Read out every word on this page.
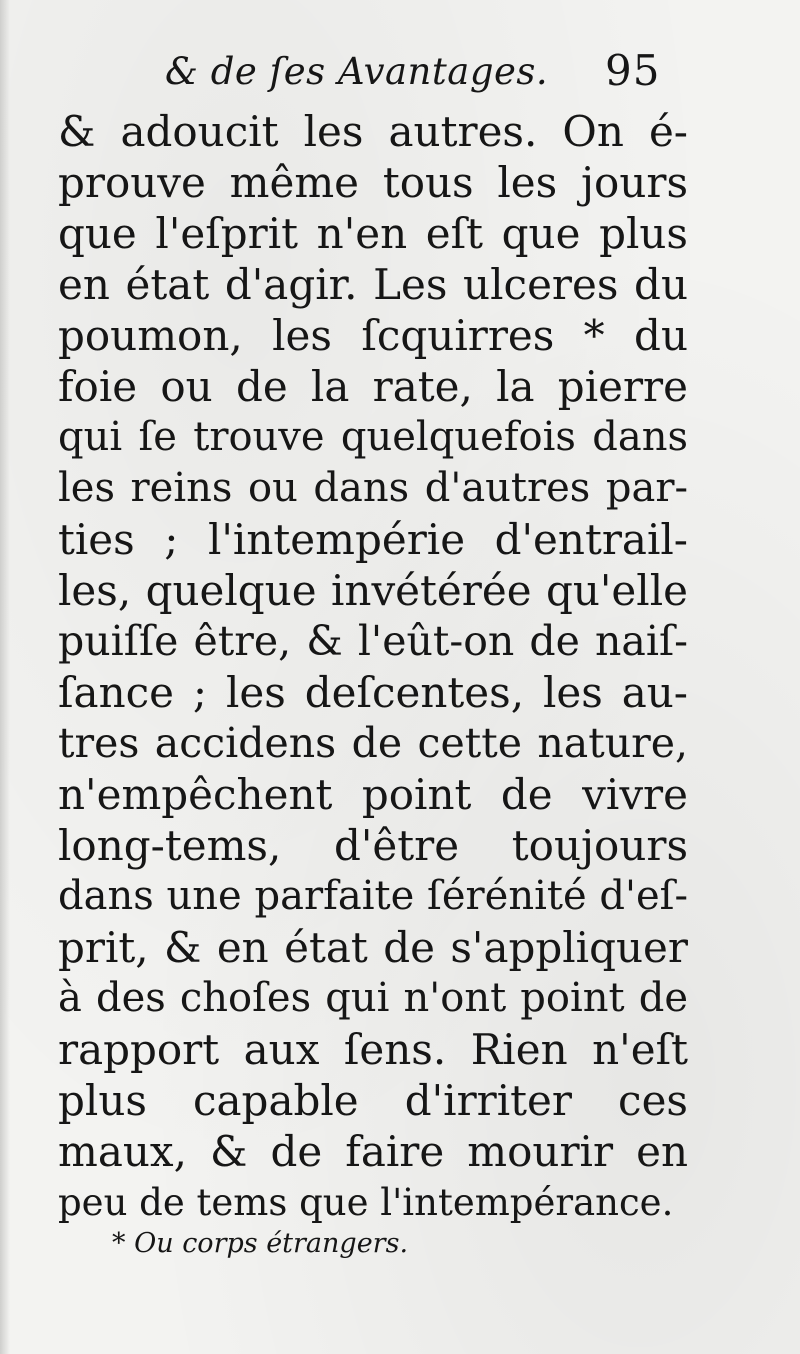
& de ſes Avantages. 95
& adoucit les autres. On é-
prouve même tous les jours
que l'eſprit n'en eſt que plus
en état d'agir. Les ulceres du
poumon, les ſcquirres * du
foie ou de la rate, la pierre
qui ſe trouve quelquefois dans
les reins ou dans d'autres par-
ties ; l'intempérie d'entrail-
les, quelque invétérée qu'elle
puiſſe être, & l'eût-on de naiſ-
ſance ; les deſcentes, les au-
tres accidens de cette nature,
n'empêchent point de vivre
long-tems, d'être toujours
dans une parfaite ſérénité d'eſ-
prit, & en état de s'appliquer
à des choſes qui n'ont point de
rapport aux ſens. Rien n'eſt
plus capable d'irriter ces
maux, & de faire mourir en
peu de tems que l'intempérance.
* Ou corps étrangers.
